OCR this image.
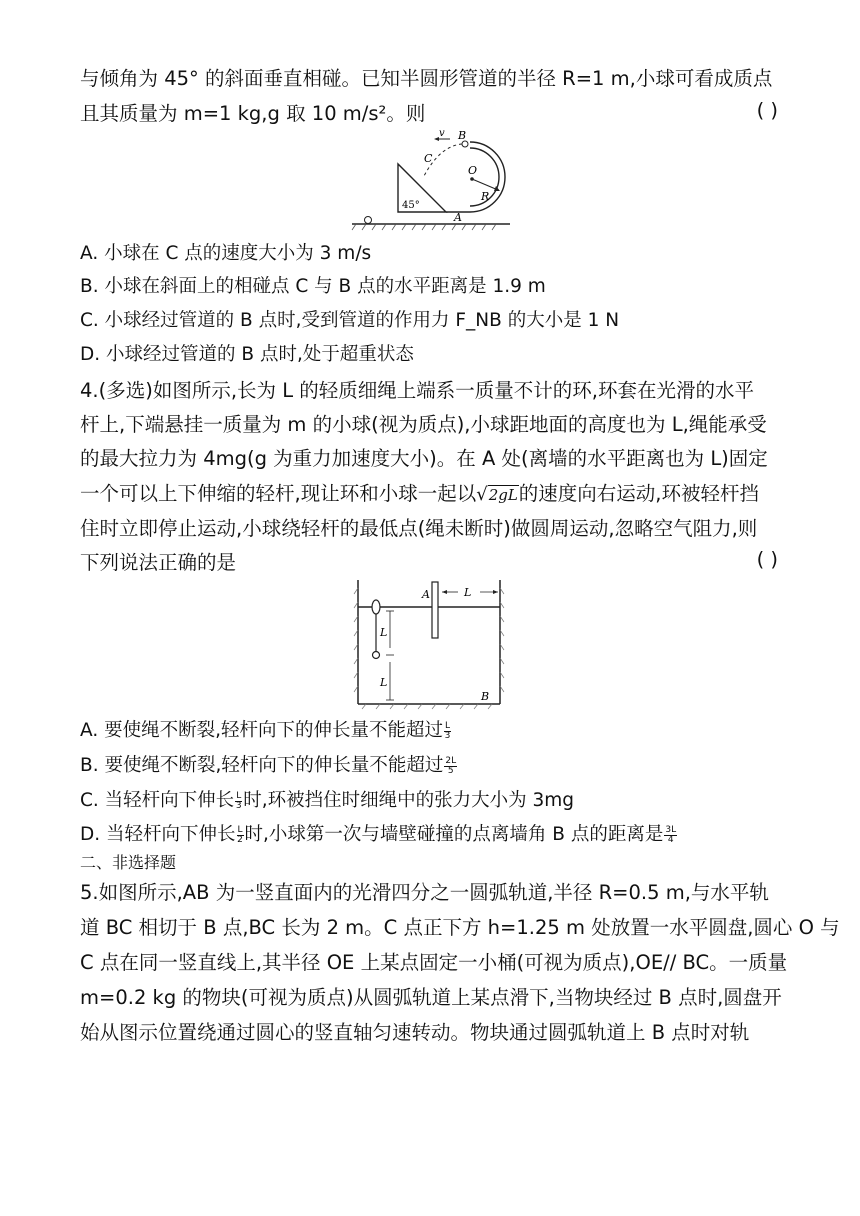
与倾角为 45° 的斜面垂直相碰。已知半圆形管道的半径 R=1 m,小球可看成质点
且其质量为 m=1 kg,g 取 10 m/s²。则	( )
v B
C
O
R
45°
A
A. 小球在 C 点的速度大小为 3 m/s
B. 小球在斜面上的相碰点 C 与 B 点的水平距离是 1.9 m
C. 小球经过管道的 B 点时,受到管道的作用力 F_NB 的大小是 1 N
D. 小球经过管道的 B 点时,处于超重状态
4.(多选)如图所示,长为 L 的轻质细绳上端系一质量不计的环,环套在光滑的水平
杆上,下端悬挂一质量为 m 的小球(视为质点),小球距地面的高度也为 L,绳能承受
的最大拉力为 4mg(g 为重力加速度大小)。在 A 处(离墙的水平距离也为 L)固定
一个可以上下伸缩的轻杆,现让环和小球一起以√2gL的速度向右运动,环被轻杆挡
住时立即停止运动,小球绕轻杆的最低点(绳未断时)做圆周运动,忽略空气阻力,则
下列说法正确的是	( )
A	L
L
L
B
A. 要使绳不断裂,轻杆向下的伸长量不能超过 $\frac{L}{3}$
B. 要使绳不断裂,轻杆向下的伸长量不能超过 $\frac{2L}{5}$
C. 当轻杆向下伸长 $\frac{L}{3}$ 时,环被挡住时细绳中的张力大小为 3mg
D. 当轻杆向下伸长 $\frac{L}{2}$ 时,小球第一次与墙壁碰撞的点离墙角 B 点的距离是 $\frac{3L}{4}$
二、非选择题
5.如图所示,AB 为一竖直面内的光滑四分之一圆弧轨道,半径 R=0.5 m,与水平轨
道 BC 相切于 B 点,BC 长为 2 m。C 点正下方 h=1.25 m 处放置一水平圆盘,圆心 O 与
C 点在同一竖直线上,其半径 OE 上某点固定一小桶(可视为质点),OE// BC。一质量
m=0.2 kg 的物块(可视为质点)从圆弧轨道上某点滑下,当物块经过 B 点时,圆盘开
始从图示位置绕通过圆心的竖直轴匀速转动。物块通过圆弧轨道上 B 点时对轨
